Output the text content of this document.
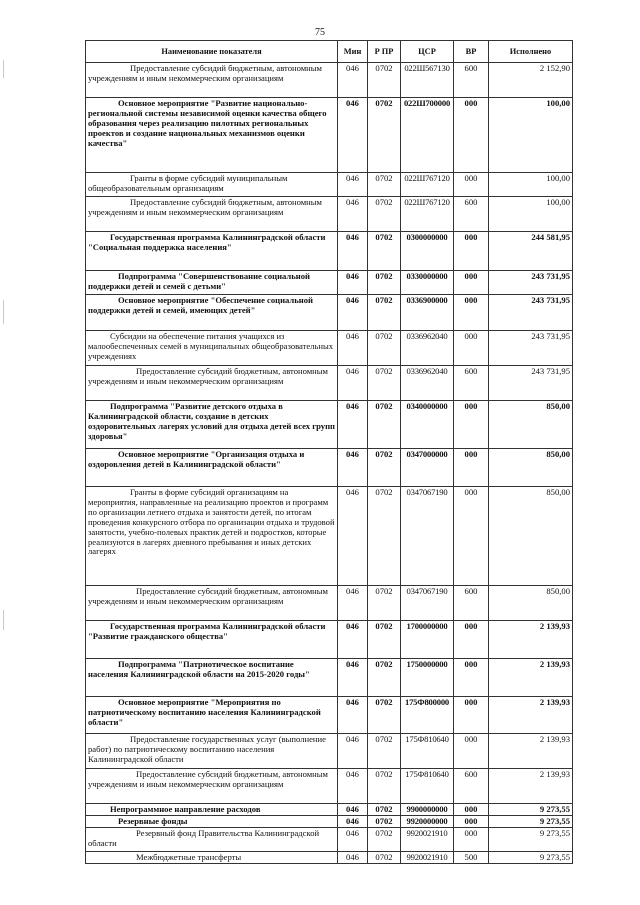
75
Наименование показателя	Мин	Р ПР	ЦСР	ВР	Исполнено
Предоставление субсидий бюджетным, автономным учреждениям и иным некоммерческим организациям	046	0702	022Ш567130	600	2 152,90
Основное мероприятие "Развитие национально-региональной системы независимой оценки качества общего образования через реализацию пилотных региональных проектов и создание национальных механизмов оценки качества"	046	0702	022Ш700000	000	100,00
Гранты в форме субсидий муниципальным общеобразовательным организациям	046	0702	022Ш767120	000	100,00
Предоставление субсидий бюджетным, автономным учреждениям и иным некоммерческим организациям	046	0702	022Ш767120	600	100,00
Государственная программа Калининградской области "Социальная поддержка населения"	046	0702	0300000000	000	244 581,95
Подпрограмма "Совершенствование социальной поддержки детей и семей с детьми"	046	0702	0330000000	000	243 731,95
Основное мероприятие "Обеспечение социальной поддержки детей и семей, имеющих детей"	046	0702	0336900000	000	243 731,95
Субсидии на обеспечение питания учащихся из малообеспеченных семей в муниципальных общеобразовательных учреждениях	046	0702	0336962040	000	243 731,95
Предоставление субсидий бюджетным, автономным учреждениям и иным некоммерческим организациям	046	0702	0336962040	600	243 731,95
Подпрограмма "Развитие детского отдыха в Калининградской области, создание в детских оздоровительных лагерях условий для отдыха детей всех групп здоровья"	046	0702	0340000000	000	850,00
Основное мероприятие "Организация отдыха и оздоровления детей в Калининградской области"	046	0702	0347000000	000	850,00
Гранты в форме субсидий организациям на мероприятия, направленные на реализацию проектов и программ по организации летнего отдыха и занятости детей, по итогам проведения конкурсного отбора по организации отдыха и трудовой занятости, учебно-полевых практик детей и подростков, которые реализуются в лагерях дневного пребывания и иных детских лагерях	046	0702	0347067190	000	850,00
Предоставление субсидий бюджетным, автономным учреждениям и иным некоммерческим организациям	046	0702	0347067190	600	850,00
Государственная программа Калининградской области "Развитие гражданского общества"	046	0702	1700000000	000	2 139,93
Подпрограмма "Патриотическое воспитание населения Калининградской области на 2015-2020 годы"	046	0702	1750000000	000	2 139,93
Основное мероприятие "Мероприятия по патриотическому воспитанию населения Калининградской области"	046	0702	175Ф800000	000	2 139,93
Предоставление государственных услуг (выполнение работ) по патриотическому воспитанию населения Калининградской области	046	0702	175Ф810640	000	2 139,93
Предоставление субсидий бюджетным, автономным учреждениям и иным некоммерческим организациям	046	0702	175Ф810640	600	2 139,93
Непрограммное направление расходов	046	0702	9900000000	000	9 273,55
Резервные фонды	046	0702	9920000000	000	9 273,55
Резервный фонд Правительства Калининградской области	046	0702	9920021910	000	9 273,55
Межбюджетные трансферты	046	0702	9920021910	500	9 273,55
